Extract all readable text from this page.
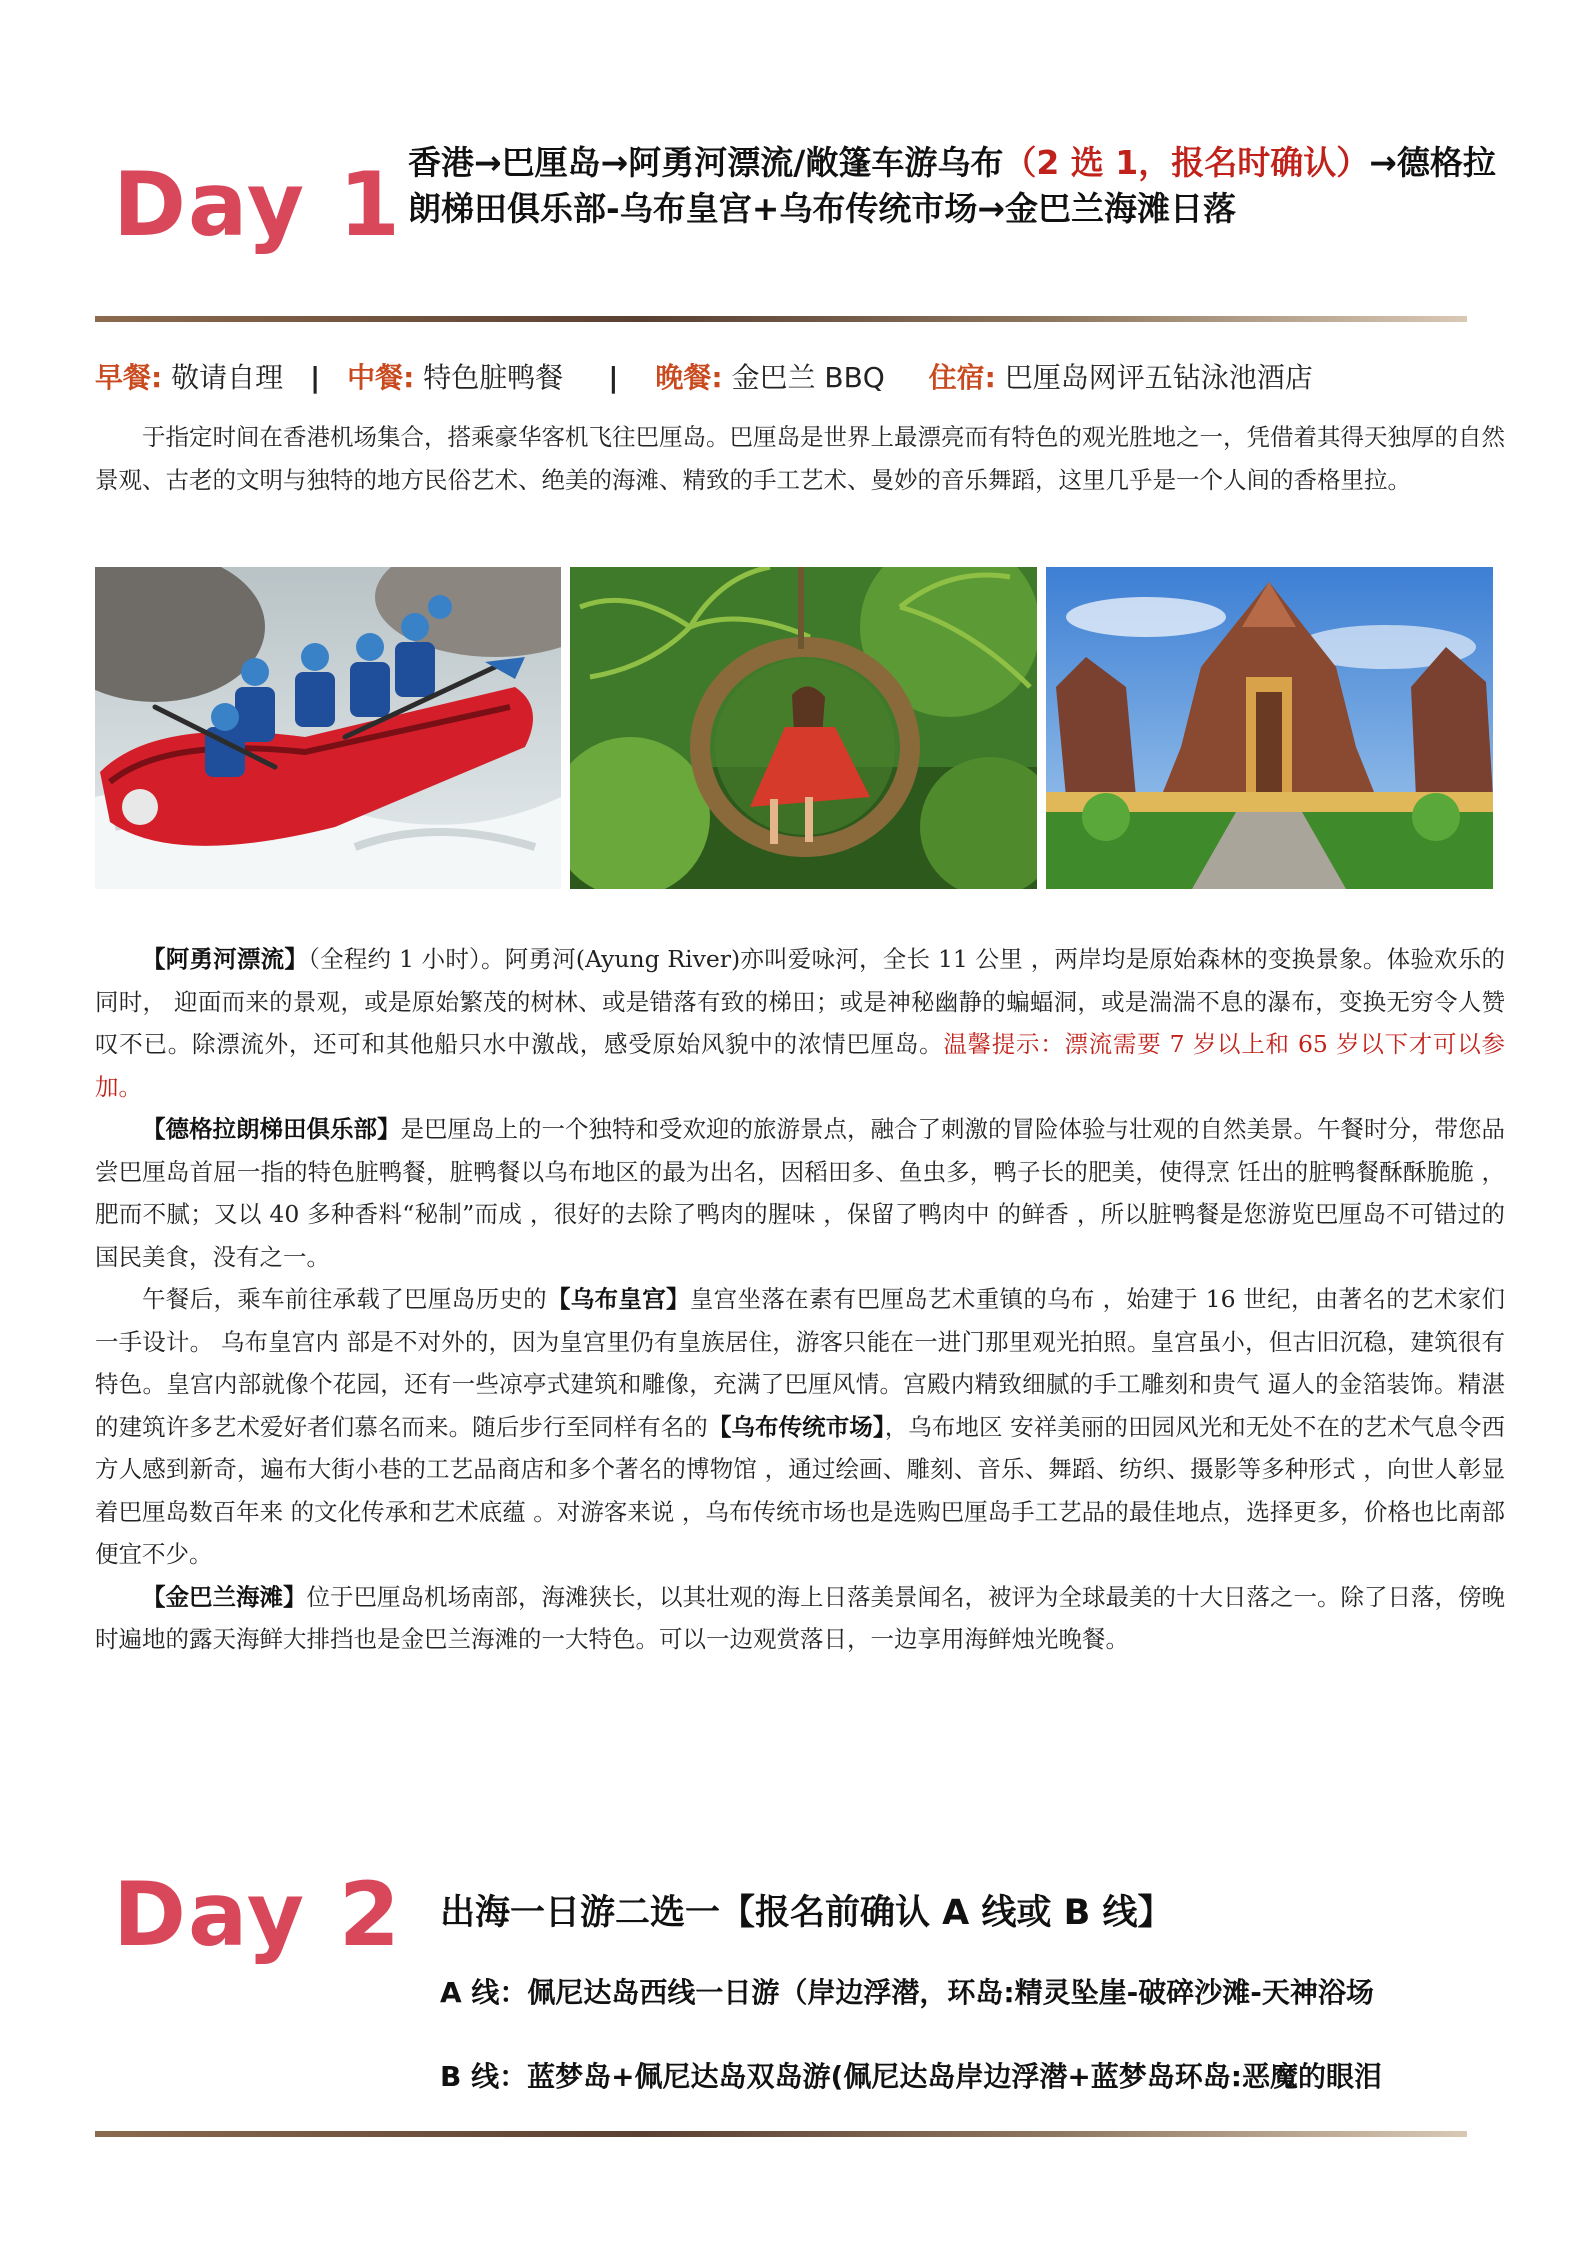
Day 1 香港→巴厘岛→阿勇河漂流/敞篷车游乌布（2 选 1，报名时确认）→德格拉朗梯田俱乐部-乌布皇宫+乌布传统市场→金巴兰海滩日落
早餐: 敬请自理 | 中餐: 特色脏鸭餐 | 晚餐: 金巴兰 BBQ 住宿: 巴厘岛网评五钻泳池酒店
于指定时间在香港机场集合，搭乘豪华客机飞往巴厘岛。巴厘岛是世界上最漂亮而有特色的观光胜地之一，凭借着其得天独厚的自然景观、古老的文明与独特的地方民俗艺术、绝美的海滩、精致的手工艺术、曼妙的音乐舞蹈，这里几乎是一个人间的香格里拉。
【阿勇河漂流】（全程约 1 小时）。阿勇河(Ayung River)亦叫爱咏河，全长 11 公里 ，两岸均是原始森林的变换景象。体验欢乐的同时， 迎面而来的景观，或是原始繁茂的树林、或是错落有致的梯田；或是神秘幽静的蝙蝠洞，或是湍湍不息的瀑布，变换无穷令人赞叹不已。除漂流外，还可和其他船只水中激战，感受原始风貌中的浓情巴厘岛。温馨提示：漂流需要 7 岁以上和 65 岁以下才可以参加。
【德格拉朗梯田俱乐部】是巴厘岛上的一个独特和受欢迎的旅游景点，融合了刺激的冒险体验与壮观的自然美景。午餐时分，带您品尝巴厘岛首屈一指的特色脏鸭餐，脏鸭餐以乌布地区的最为出名，因稻田多、鱼虫多，鸭子长的肥美，使得烹 饪出的脏鸭餐酥酥脆脆 ，肥而不腻；又以 40 多种香料“秘制”而成 ，很好的去除了鸭肉的腥味 ，保留了鸭肉中 的鲜香 ，所以脏鸭餐是您游览巴厘岛不可错过的国民美食，没有之一。
午餐后，乘车前往承载了巴厘岛历史的【乌布皇宫】皇宫坐落在素有巴厘岛艺术重镇的乌布 ，始建于 16 世纪，由著名的艺术家们一手设计。 乌布皇宫内 部是不对外的，因为皇宫里仍有皇族居住，游客只能在一进门那里观光拍照。皇宫虽小，但古旧沉稳，建筑很有 特色。皇宫内部就像个花园，还有一些凉亭式建筑和雕像，充满了巴厘风情。宫殿内精致细腻的手工雕刻和贵气 逼人的金箔装饰。精湛的建筑许多艺术爱好者们慕名而来。随后步行至同样有名的【乌布传统市场】，乌布地区 安祥美丽的田园风光和无处不在的艺术气息令西方人感到新奇，遍布大街小巷的工艺品商店和多个著名的博物馆 ，通过绘画、雕刻、音乐、舞蹈、纺织、摄影等多种形式 ，向世人彰显着巴厘岛数百年来 的文化传承和艺术底蕴 。对游客来说 ，乌布传统市场也是选购巴厘岛手工艺品的最佳地点，选择更多，价格也比南部便宜不少。
【金巴兰海滩】位于巴厘岛机场南部，海滩狭长，以其壮观的海上日落美景闻名，被评为全球最美的十大日落之一。除了日落，傍晚时遍地的露天海鲜大排挡也是金巴兰海滩的一大特色。可以一边观赏落日，一边享用海鲜烛光晚餐。
Day 2 出海一日游二选一【报名前确认 A 线或 B 线】
A 线：佩尼达岛西线一日游（岸边浮潜，环岛:精灵坠崖-破碎沙滩-天神浴场
B 线：蓝梦岛+佩尼达岛双岛游(佩尼达岛岸边浮潜+蓝梦岛环岛:恶魔的眼泪
